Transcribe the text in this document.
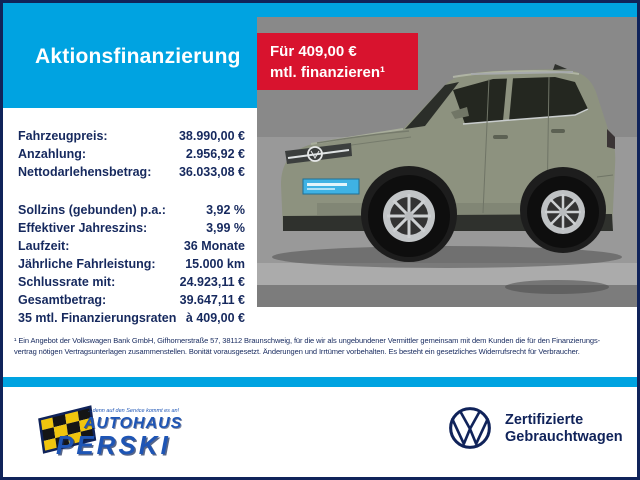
Aktionsfinanzierung Für 409,00 €
mtl. finanzieren¹
Fahrzeugpreis:	38.990,00 €
Anzahlung:	2.956,92 €
Nettodarlehensbetrag: 36.033,08 €
Sollzins (gebunden) p.a.:	3,92 %
Effektiver Jahreszins:	3,99 %
Laufzeit:	36 Monate
Jährliche Fahrleistung: 15.000 km
Schlussrate mit:	24.923,11 €
Gesamtbetrag:	39.647,11 €
35 mtl. Finanzierungsraten à 409,00 €
¹ Ein Angebot der Volkswagen Bank GmbH, Gifhornerstraße 57, 38112 Braunschweig, für die wir als ungebundener Vermittler gemeinsam mit dem Kunden die für den Finanzierungs-
vertrag nötigen Vertragsunterlagen zusammenstellen. Bonität vorausgesetzt. Änderungen und Irrtümer vorbehalten. Es besteht ein gesetzliches Widerrufsrecht für Verbraucher.
...denn auf den Service kommt es an!
AUTOHAUS
PERSKI
Zertifizierte
Gebrauchtwagen
